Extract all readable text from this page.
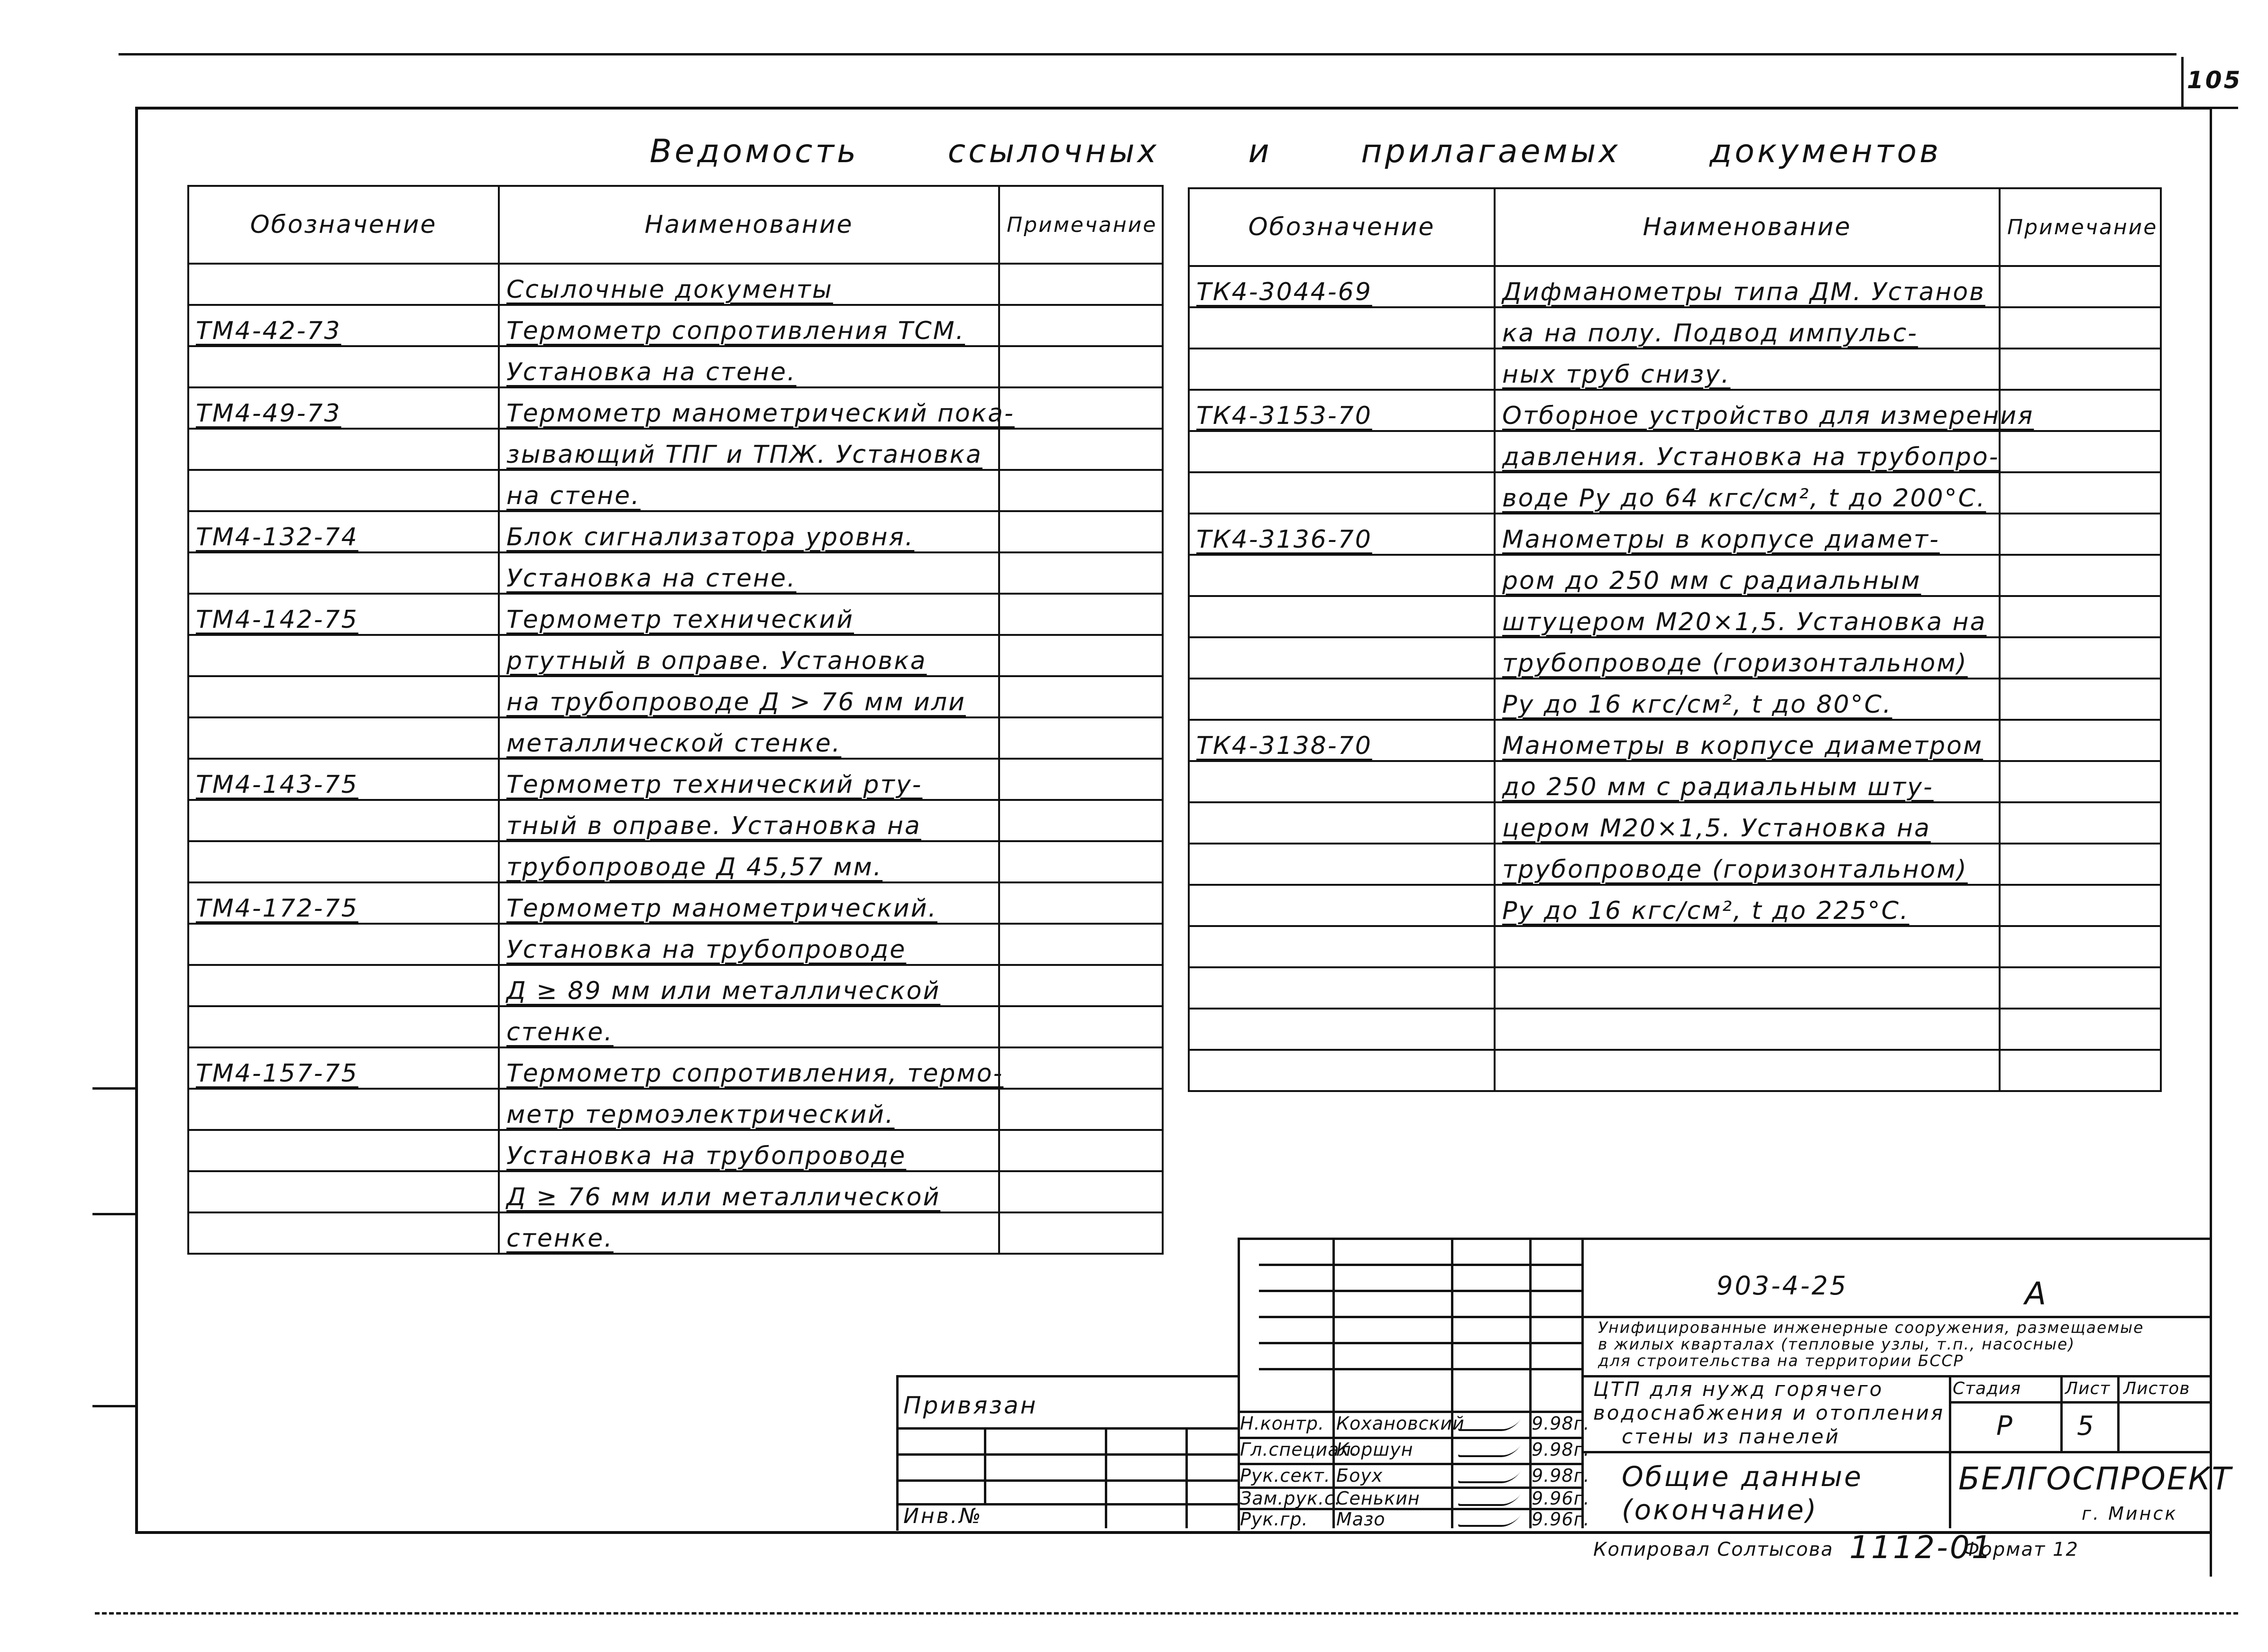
105
Ведомость ссылочных и прилагаемых документов
Обозначение	Наименование	Примечание
	Ссылочные документы	
ТМ4-42-73	Термометр сопротивления ТСМ.	
	Установка на стене.	
ТМ4-49-73	Термометр манометрический пока-	
	зывающий ТПГ и ТПЖ. Установка	
	на стене.	
ТМ4-132-74	Блок сигнализатора уровня.	
	Установка на стене.	
ТМ4-142-75	Термометр технический	
	ртутный в оправе. Установка	
	на трубопроводе Д > 76 мм или	
	металлической стенке.	
ТМ4-143-75	Термометр технический рту-	
	тный в оправе. Установка на	
	трубопроводе Д 45,57 мм.	
ТМ4-172-75	Термометр манометрический.	
	Установка на трубопроводе	
	Д ≥ 89 мм или металлической	
	стенке.	
ТМ4-157-75	Термометр сопротивления, термо-	
	метр термоэлектрический.	
	Установка на трубопроводе	
	Д ≥ 76 мм или металлической	
	стенке.	
Обозначение	Наименование	Примечание
ТК4-3044-69	Дифманометры типа ДМ. Установ	
	ка на полу. Подвод импульс-	
	ных труб снизу.	
ТК4-3153-70	Отборное устройство для измерения	
	давления. Установка на трубопро-	
	воде Ру до 64 кгс/см², t до 200°С.	
ТК4-3136-70	Манометры в корпусе диамет-	
	ром до 250 мм с радиальным	
	штуцером М20×1,5. Установка на	
	трубопроводе (горизонтальном)	
	Ру до 16 кгс/см², t до 80°С.	
ТК4-3138-70	Манометры в корпусе диаметром	
	до 250 мм с радиальным шту-	
	цером М20×1,5. Установка на	
	трубопроводе (горизонтальном)	
	Ру до 16 кгс/см², t до 225°С.	

Привязан
Инв.№
Н.контр. Кохановский	9.98г.
Гл.специал.
Коршун	9.98г.
Рук.сект. Боух	9.98г.
Зам.рук.с.
Сенькин	9.96г.
Рук.гр.	Мазо	9.96г.
903-4-25	А
Унифицированные инженерные сооружения, размещаемые
в жилых кварталах (тепловые узлы, т.п., насосные)
для строительства на территории БССР
ЦТП для нужд горячего
водоснабжения и отопления
стены из панелей
Общие данные
(окончание)
Стадия	Лист Листов
Р 5
БЕЛГОСПРОЕКТ
г. Минск
Копировал Солтысова 1112-01
Формат 12
